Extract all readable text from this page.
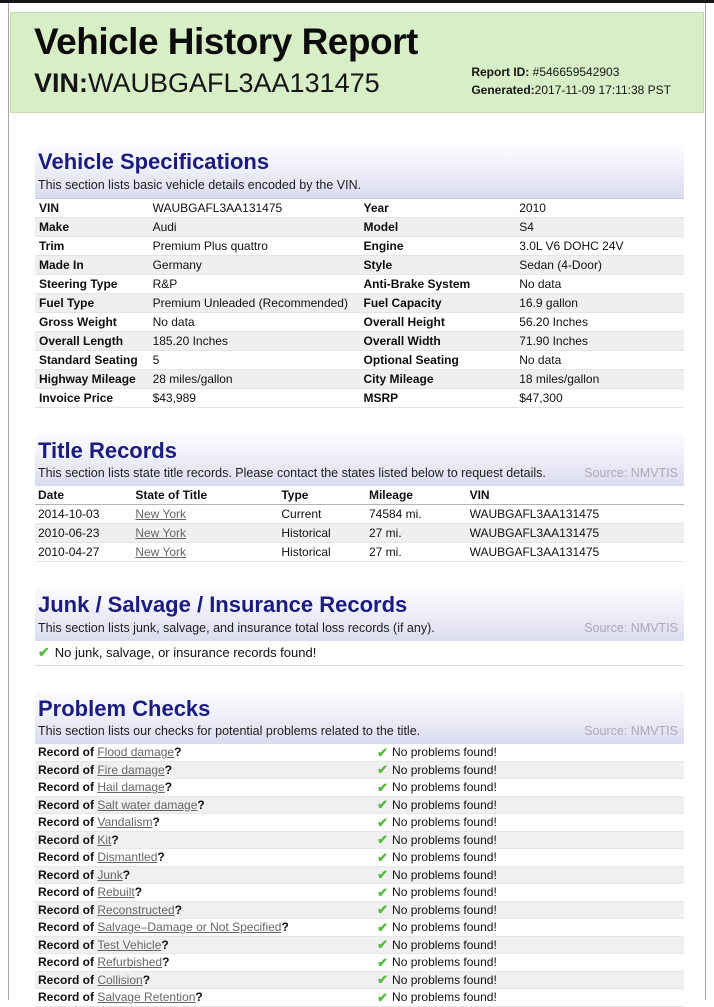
Vehicle History Report
VIN:WAUBGAFL3AA131475	Report ID: #546659542903
Generated:2017-11-09 17:11:38 PST
Vehicle Specifications
This section lists basic vehicle details encoded by the VIN.
VIN	WAUBGAFL3AA131475	Year	2010
Make	Audi	Model	S4
Trim	Premium Plus quattro	Engine	3.0L V6 DOHC 24V
Made In	Germany	Style	Sedan (4-Door)
Steering Type	R&P	Anti-Brake System	No data
Fuel Type	Premium Unleaded (Recommended)	Fuel Capacity	16.9 gallon
Gross Weight	No data	Overall Height	56.20 Inches
Overall Length	185.20 Inches	Overall Width	71.90 Inches
Standard Seating	5	Optional Seating	No data
Highway Mileage	28 miles/gallon	City Mileage	18 miles/gallon
Invoice Price	$43,989	MSRP	$47,300
Title Records
This section lists state title records. Please contact the states listed below to request details.	Source: NMVTIS
Date	State of Title	Type	Mileage	VIN
2014-10-03	New York	Current	74584 mi.	WAUBGAFL3AA131475
2010-06-23	New York	Historical	27 mi.	WAUBGAFL3AA131475
2010-04-27	New York	Historical	27 mi.	WAUBGAFL3AA131475
Junk / Salvage / Insurance Records
This section lists junk, salvage, and insurance total loss records (if any).	Source: NMVTIS
✔ No junk, salvage, or insurance records found!
Problem Checks
This section lists our checks for potential problems related to the title.	Source: NMVTIS
Record of Flood damage?	✔ No problems found!
Record of Fire damage?	✔ No problems found!
Record of Hail damage?	✔ No problems found!
Record of Salt water damage?	✔ No problems found!
Record of Vandalism?	✔ No problems found!
Record of Kit?	✔ No problems found!
Record of Dismantled?	✔ No problems found!
Record of Junk?	✔ No problems found!
Record of Rebuilt?	✔ No problems found!
Record of Reconstructed?	✔ No problems found!
Record of Salvage–Damage or Not Specified?	✔ No problems found!
Record of Test Vehicle?	✔ No problems found!
Record of Refurbished?	✔ No problems found!
Record of Collision?	✔ No problems found!
Record of Salvage Retention?	✔ No problems found!
